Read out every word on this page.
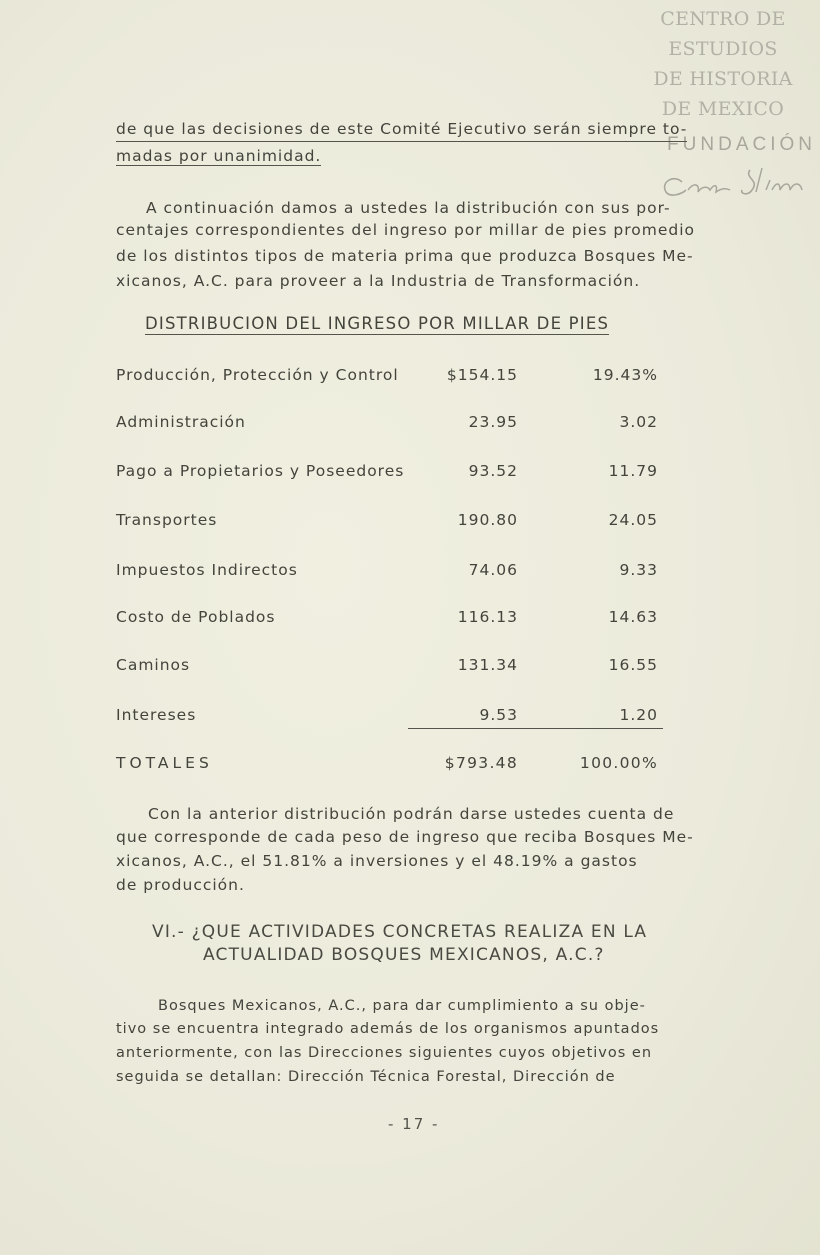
CENTRO DE
ESTUDIOS
DE HISTORIA
DE MEXICO
FUNDACIÓN
de que las decisiones de este Comité Ejecutivo serán siempre to-
madas por unanimidad.
A continuación damos a ustedes la distribución con sus por-
centajes correspondientes del ingreso por millar de pies promedio
de los distintos tipos de materia prima que produzca Bosques Me-
xicanos, A.C. para proveer a la Industria de Transformación.
DISTRIBUCION DEL INGRESO POR MILLAR DE PIES
Producción, Protección y Control	$154.15	19.43%
Administración	23.95	3.02
Pago a Propietarios y Poseedores	93.52	11.79
Transportes	190.80	24.05
Impuestos Indirectos	74.06	9.33
Costo de Poblados	116.13	14.63
Caminos	131.34	16.55
Intereses	9.53	1.20
TOTALES	$793.48	100.00%
Con la anterior distribución podrán darse ustedes cuenta de
que corresponde de cada peso de ingreso que reciba Bosques Me-
xicanos, A.C., el 51.81% a inversiones y el 48.19% a gastos
de producción.
VI.- ¿QUE ACTIVIDADES CONCRETAS REALIZA EN LA
ACTUALIDAD BOSQUES MEXICANOS, A.C.?
Bosques Mexicanos, A.C., para dar cumplimiento a su obje-
tivo se encuentra integrado además de los organismos apuntados
anteriormente, con las Direcciones siguientes cuyos objetivos en
seguida se detallan: Dirección Técnica Forestal, Dirección de
- 17 -
